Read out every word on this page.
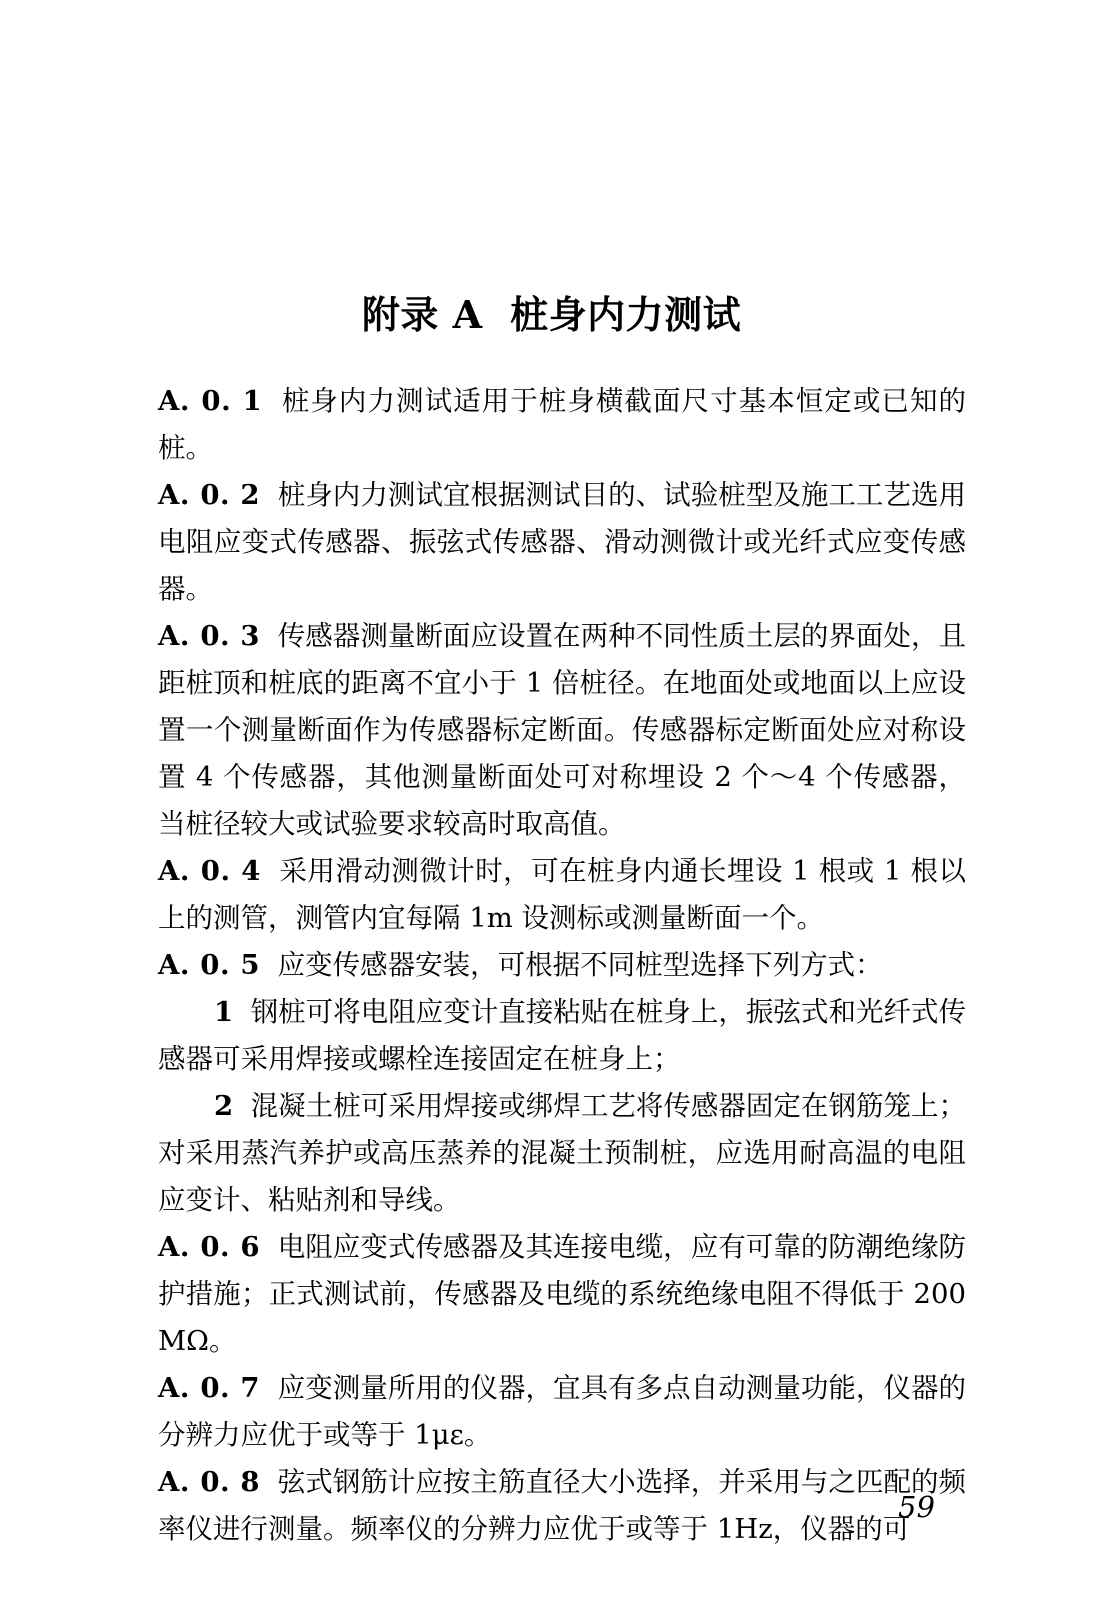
附录 A  桩身内力测试

A. 0. 1 桩身内力测试适用于桩身横截面尺寸基本恒定或已知的桩。

A. 0. 2 桩身内力测试宜根据测试目的、试验桩型及施工工艺选用电阻应变式传感器、振弦式传感器、滑动测微计或光纤式应变传感器。

A. 0. 3 传感器测量断面应设置在两种不同性质土层的界面处，且距桩顶和桩底的距离不宜小于 1 倍桩径。在地面处或地面以上应设置一个测量断面作为传感器标定断面。传感器标定断面处应对称设置 4 个传感器，其他测量断面处可对称埋设 2 个～4 个传感器，当桩径较大或试验要求较高时取高值。

A. 0. 4 采用滑动测微计时，可在桩身内通长埋设 1 根或 1 根以上的测管，测管内宜每隔 1m 设测标或测量断面一个。

A. 0. 5 应变传感器安装，可根据不同桩型选择下列方式：

1 钢桩可将电阻应变计直接粘贴在桩身上，振弦式和光纤式传感器可采用焊接或螺栓连接固定在桩身上；

2 混凝土桩可采用焊接或绑焊工艺将传感器固定在钢筋笼上；对采用蒸汽养护或高压蒸养的混凝土预制桩，应选用耐高温的电阻应变计、粘贴剂和导线。

A. 0. 6 电阻应变式传感器及其连接电缆，应有可靠的防潮绝缘防护措施；正式测试前，传感器及电缆的系统绝缘电阻不得低于 200MΩ。

A. 0. 7 应变测量所用的仪器，宜具有多点自动测量功能，仪器的分辨力应优于或等于 1με。

A. 0. 8 弦式钢筋计应按主筋直径大小选择，并采用与之匹配的频率仪进行测量。频率仪的分辨力应优于或等于 1Hz，仪器的可

59
